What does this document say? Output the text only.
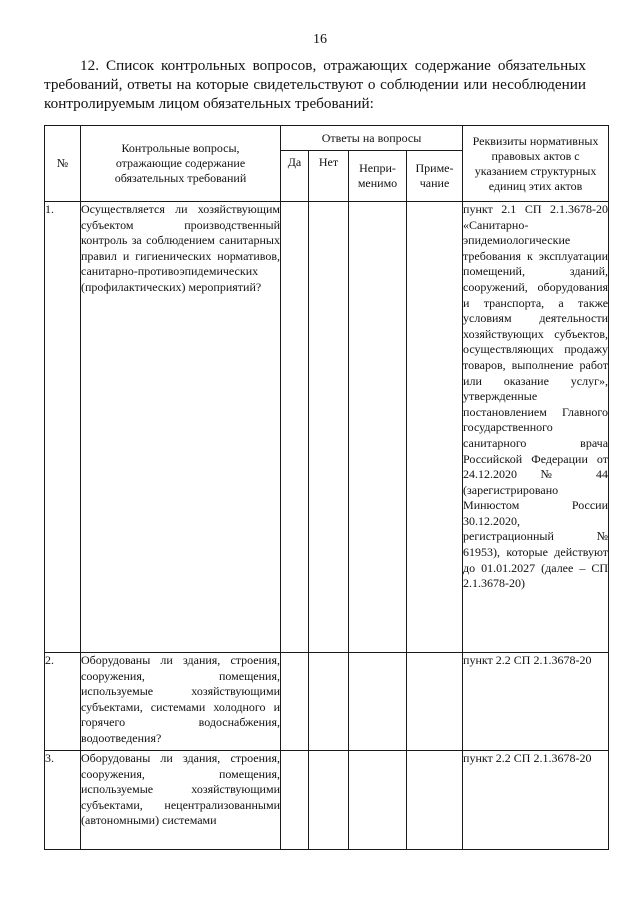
16
12. Список контрольных вопросов, отражающих содержание обязательных требований, ответы на которые свидетельствуют о соблюдении или несоблюдении контролируемым лицом обязательных требований:
№	Контрольные вопросы, отражающие содержание обязательных требований	Ответы на вопросы				Реквизиты нормативных правовых актов с указанием структурных единиц этих актов
		Да	Нет	Непри-менимо	Приме-чание	
1.	Осуществляется ли хозяйствующим субъектом производственный контроль за соблюдением санитарных правил и гигиенических нормативов, санитарно-противоэпидемических (профилактических) мероприятий?					пункт 2.1 СП 2.1.3678-20 «Санитарно-эпидемиологические требования к эксплуатации помещений, зданий, сооружений, оборудования и транспорта, а также условиям деятельности хозяйствующих субъектов, осуществляющих продажу товаров, выполнение работ или оказание услуг», утвержденные постановлением Главного государственного санитарного врача Российской Федерации от 24.12.2020 № 44 (зарегистрировано Минюстом России 30.12.2020, регистрационный № 61953), которые действуют до 01.01.2027 (далее – СП 2.1.3678-20)
2.	Оборудованы ли здания, строения, сооружения, помещения, используемые хозяйствующими субъектами, системами холодного и горячего водоснабжения, водоотведения?					пункт 2.2 СП 2.1.3678-20
3.	Оборудованы ли здания, строения, сооружения, помещения, используемые хозяйствующими субъектами, нецентрализованными (автономными) системами					пункт 2.2 СП 2.1.3678-20
